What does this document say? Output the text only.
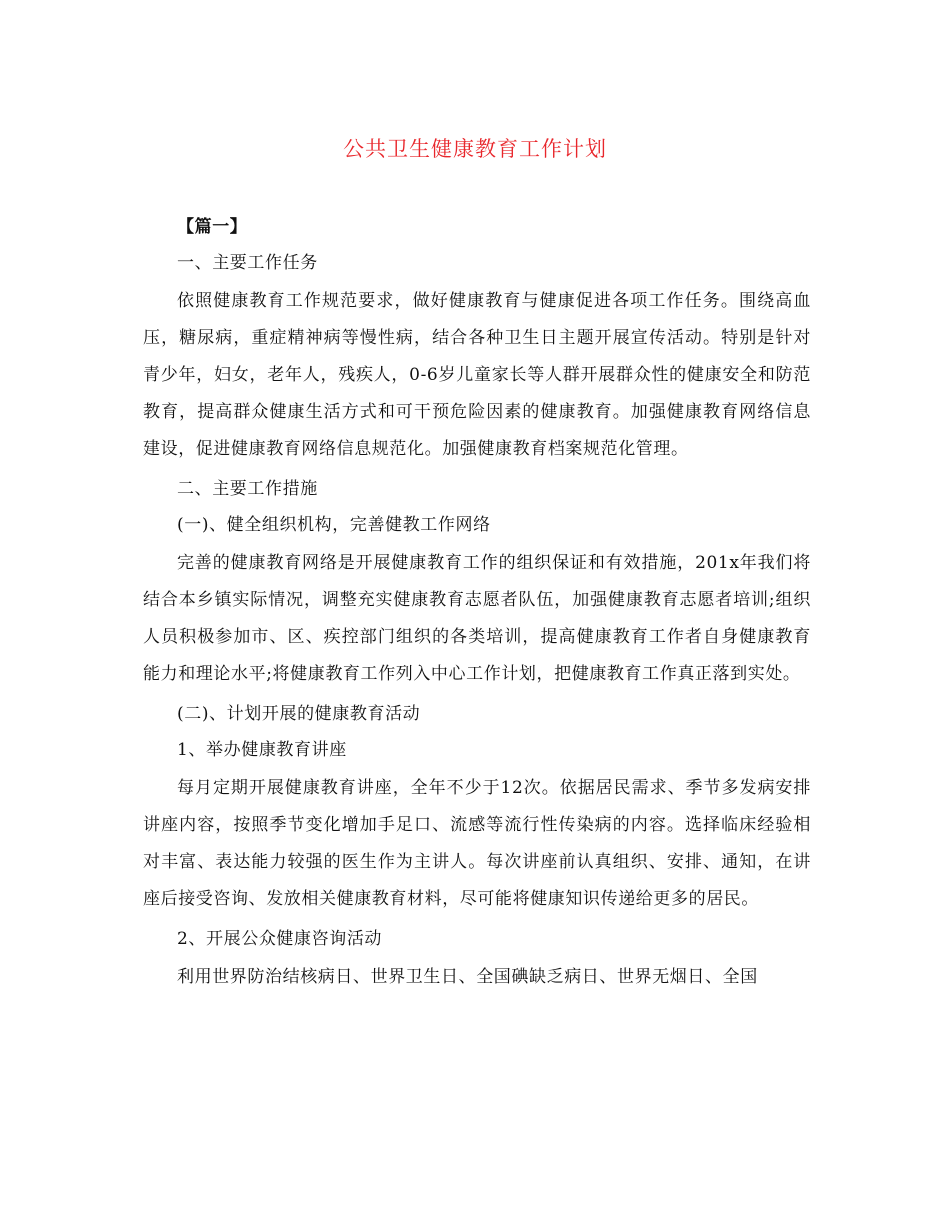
公共卫生健康教育工作计划
【篇一】
一、主要工作任务

依照健康教育工作规范要求，做好健康教育与健康促进各项工作任务。围绕高血压，糖尿病，重症精神病等慢性病，结合各种卫生日主题开展宣传活动。特别是针对青少年，妇女，老年人，残疾人，0-6岁儿童家长等人群开展群众性的健康安全和防范教育，提高群众健康生活方式和可干预危险因素的健康教育。加强健康教育网络信息建设，促进健康教育网络信息规范化。加强健康教育档案规范化管理。

二、主要工作措施
(一)、健全组织机构，完善健教工作网络

完善的健康教育网络是开展健康教育工作的组织保证和有效措施，201x年我们将结合本乡镇实际情况，调整充实健康教育志愿者队伍，加强健康教育志愿者培训;组织人员积极参加市、区、疾控部门组织的各类培训，提高健康教育工作者自身健康教育能力和理论水平;将健康教育工作列入中心工作计划，把健康教育工作真正落到实处。

(二)、计划开展的健康教育活动
1、举办健康教育讲座

每月定期开展健康教育讲座，全年不少于12次。依据居民需求、季节多发病安排讲座内容，按照季节变化增加手足口、流感等流行性传染病的内容。选择临床经验相对丰富、表达能力较强的医生作为主讲人。每次讲座前认真组织、安排、通知，在讲座后接受咨询、发放相关健康教育材料，尽可能将健康知识传递给更多的居民。

2、开展公众健康咨询活动

利用世界防治结核病日、世界卫生日、全国碘缺乏病日、世界无烟日、全国
